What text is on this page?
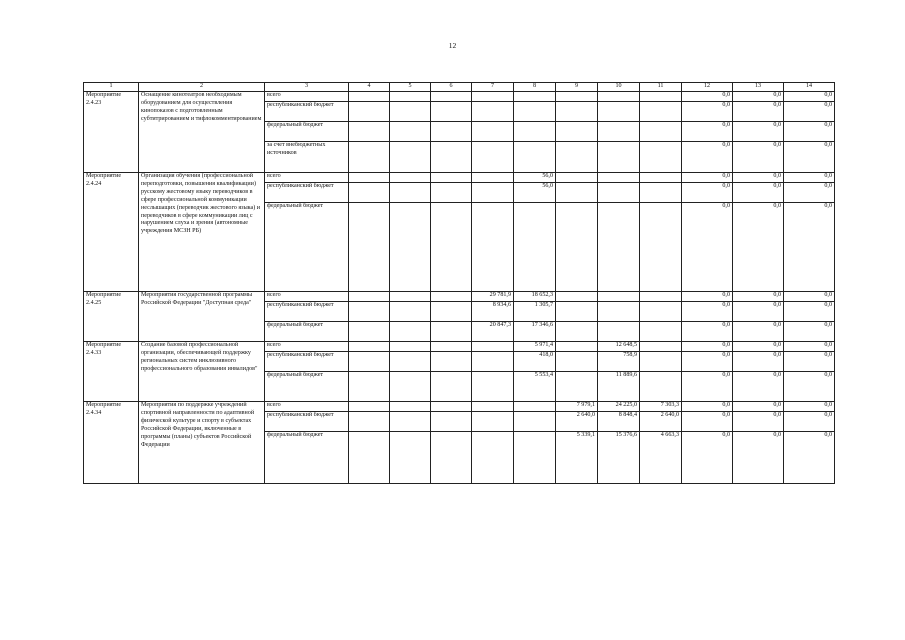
12
1	2	3	4	5	6	7	8	9	10	11	12	13	14
Мероприятие 2.4.23	Оснащение кинотеатров необходимым оборудованием для осуществления кинопоказов с подготовленным субтитрированием и тифлокомментированием	всего									0,0	0,0	0,0
		республиканский бюджет									0,0	0,0	0,0
		федеральный бюджет									0,0	0,0	0,0
		за счет внебюджетных источников									0,0	0,0	0,0
Мероприятие 2.4.24	Организация обучения (профессиональной переподготовки, повышения квалификации) русскому жестовому языку переводчиков в сфере профессиональной коммуникации неслышащих (переводчик жестового языка) и переводчиков в сфере коммуникации лиц с нарушением слуха и зрения (автономные учреждения МСЗН РБ)	всего					56,0				0,0	0,0	0,0
		республиканский бюджет					56,0				0,0	0,0	0,0
		федеральный бюджет									0,0	0,0	0,0
Мероприятие 2.4.25	Мероприятия государственной программы Российской Федерации "Доступная среда"	всего				29 781,9	18 652,3				0,0	0,0	0,0
		республиканский бюджет				8 934,6	1 305,7				0,0	0,0	0,0
		федеральный бюджет				20 847,3	17 346,6				0,0	0,0	0,0
Мероприятие 2.4.33	Создание базовой профессиональной организации, обеспечивающей поддержку региональных систем инклюзивного профессионального образования инвалидов"	всего					5 971,4		12 648,5		0,0	0,0	0,0
		республиканский бюджет					418,0		758,9		0,0	0,0	0,0
		федеральный бюджет					5 553,4		11 889,6		0,0	0,0	0,0
Мероприятие 2.4.34	Мероприятия по поддержке учреждений спортивной направленности по адаптивной физической культуре и спорту в субъектах Российской Федерации, включенные в программы (планы) субъектов Российской Федерации	всего						7 979,1	24 225,0	7 303,3	0,0	0,0	0,0
		республиканский бюджет						2 640,0	8 848,4	2 640,0	0,0	0,0	0,0
		федеральный бюджет						5 339,1	15 376,6	4 663,3	0,0	0,0	0,0
